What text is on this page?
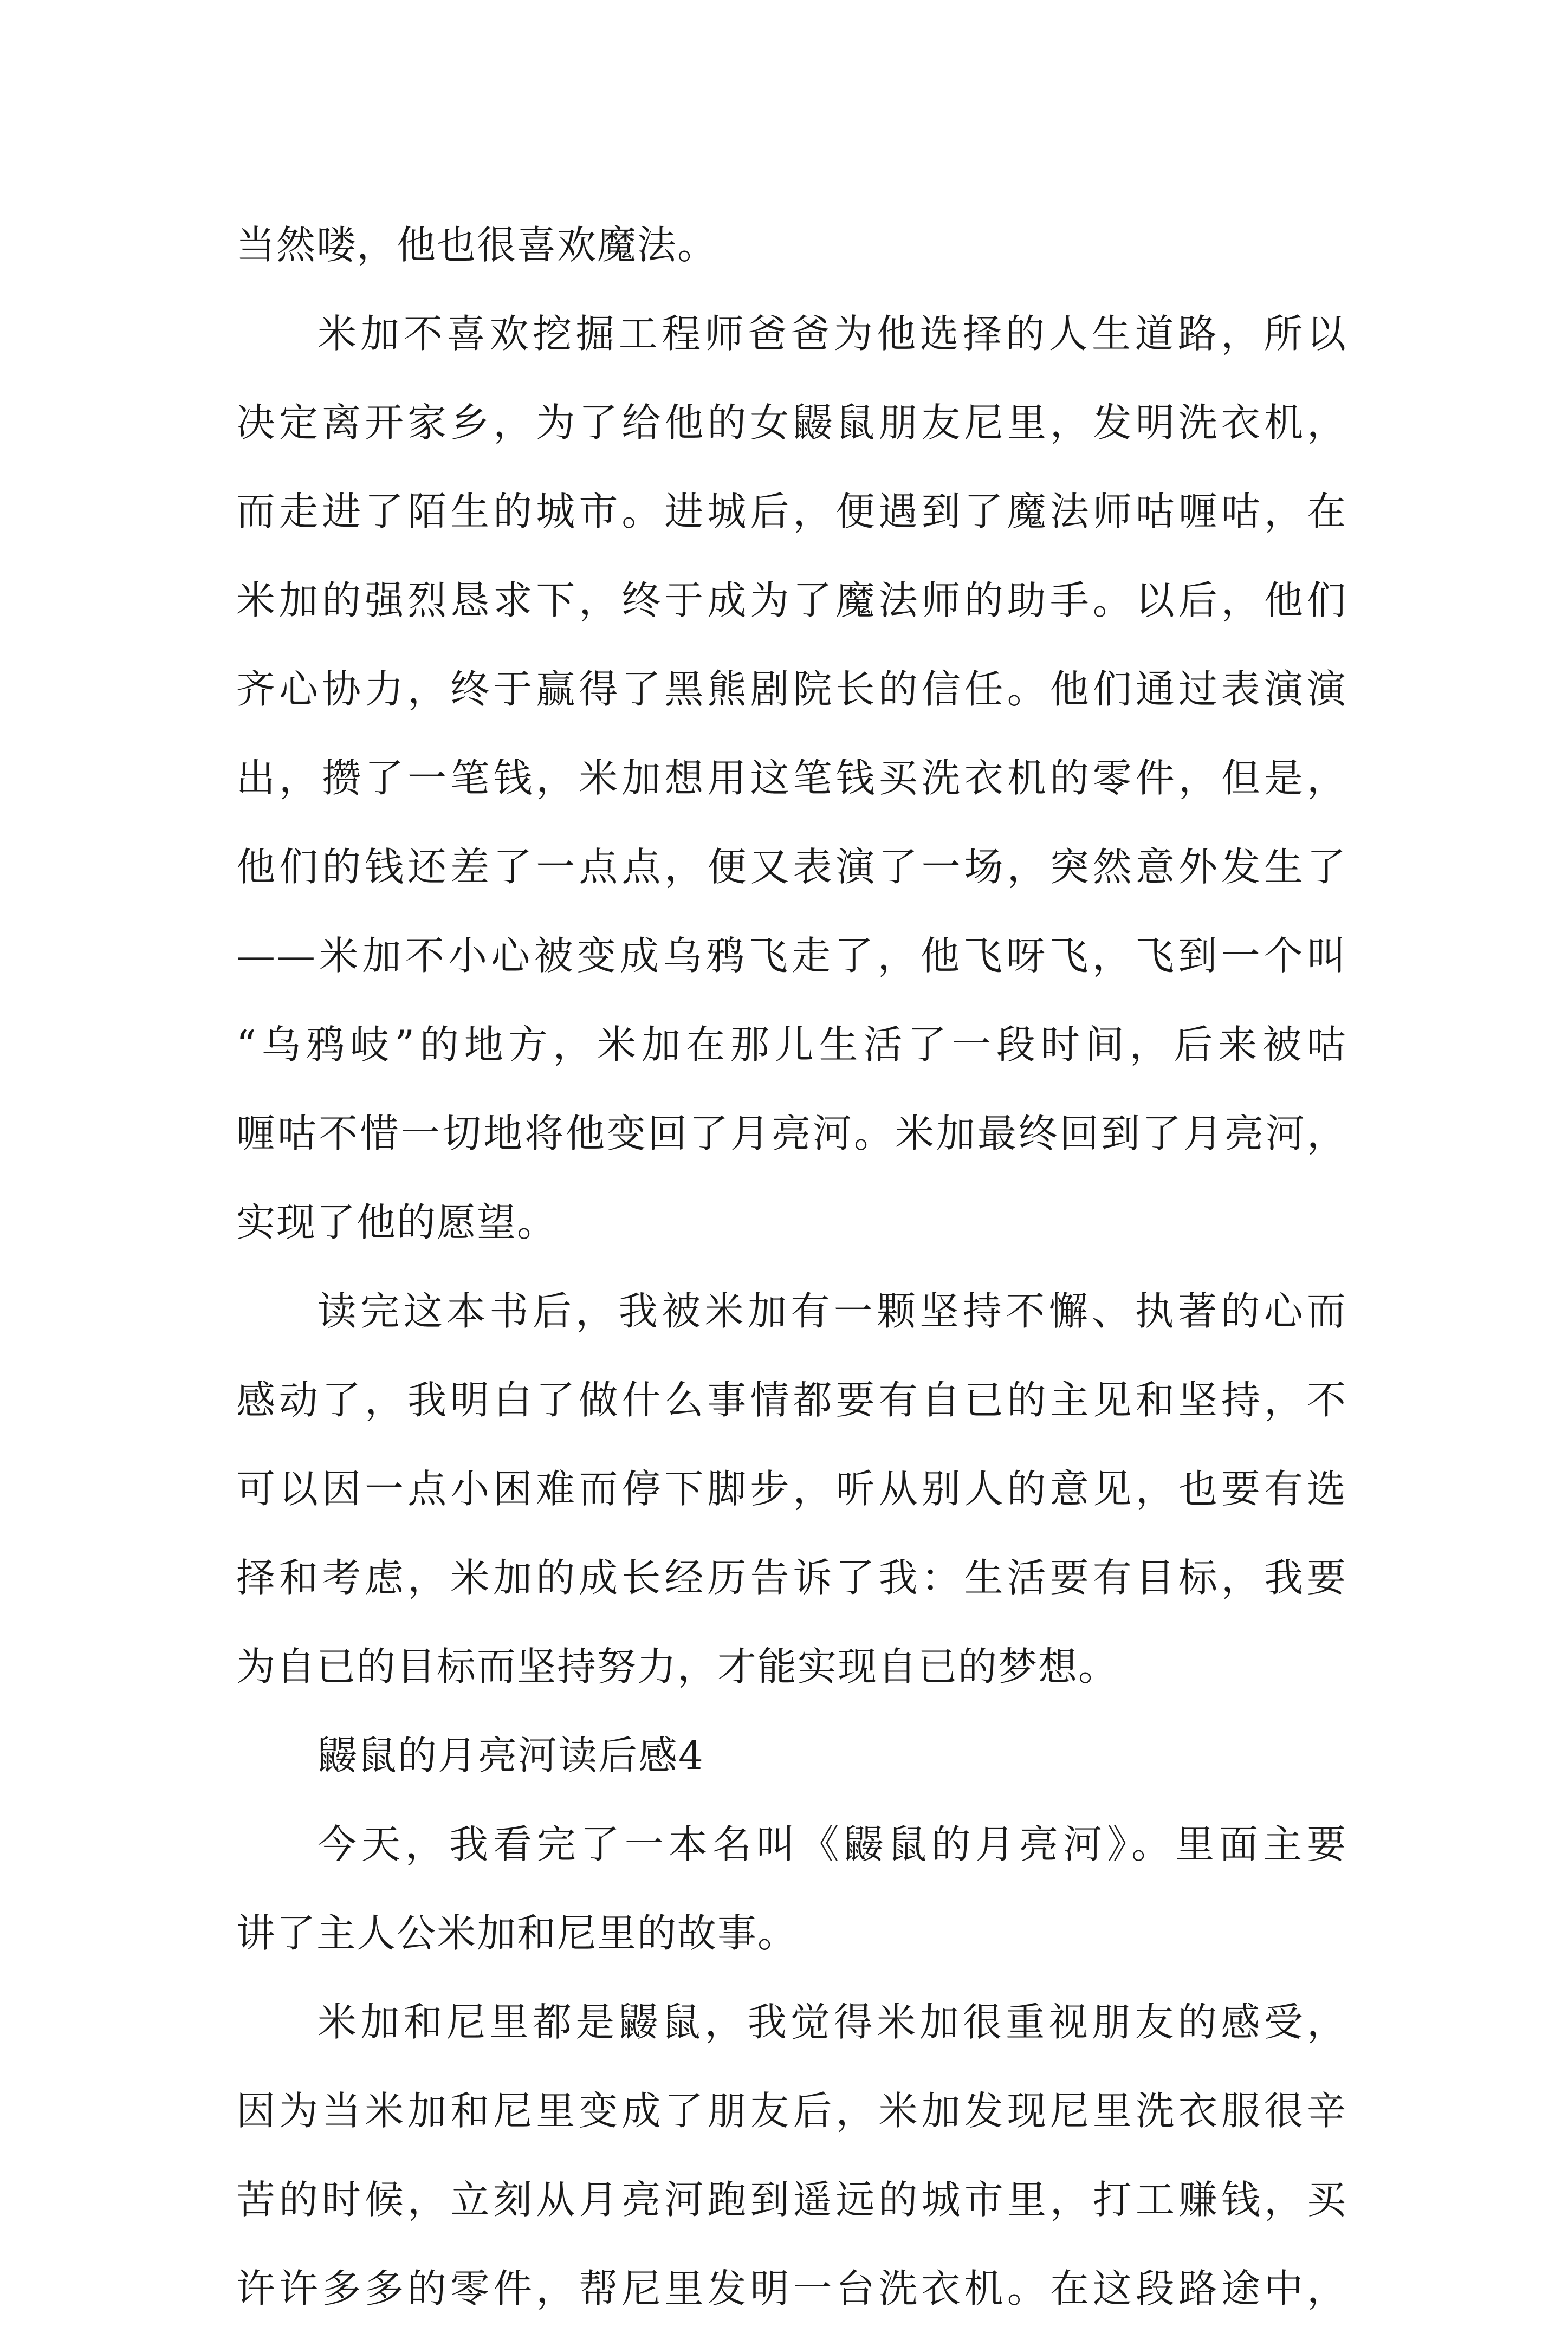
当然喽，他也很喜欢魔法。
米加不喜欢挖掘工程师爸爸为他选择的人生道路，所以
决定离开家乡，为了给他的女鼹鼠朋友尼里，发明洗衣机，
而走进了陌生的城市。进城后，便遇到了魔法师咕喱咕，在
米加的强烈恳求下，终于成为了魔法师的助手。以后，他们
齐心协力，终于赢得了黑熊剧院长的信任。他们通过表演演
出，攒了一笔钱，米加想用这笔钱买洗衣机的零件，但是，
他们的钱还差了一点点，便又表演了一场，突然意外发生了
——米加不小心被变成乌鸦飞走了，他飞呀飞，飞到一个叫
“乌鸦岐”的地方，米加在那儿生活了一段时间，后来被咕
喱咕不惜一切地将他变回了月亮河。米加最终回到了月亮河，
实现了他的愿望。
读完这本书后，我被米加有一颗坚持不懈、执著的心而
感动了，我明白了做什么事情都要有自已的主见和坚持，不
可以因一点小困难而停下脚步，听从别人的意见，也要有选
择和考虑，米加的成长经历告诉了我：生活要有目标，我要
为自已的目标而坚持努力，才能实现自已的梦想。
鼹鼠的月亮河读后感4
今天，我看完了一本名叫《鼹鼠的月亮河》。里面主要
讲了主人公米加和尼里的故事。
米加和尼里都是鼹鼠，我觉得米加很重视朋友的感受，
因为当米加和尼里变成了朋友后，米加发现尼里洗衣服很辛
苦的时候，立刻从月亮河跑到遥远的城市里，打工赚钱，买
许许多多的零件，帮尼里发明一台洗衣机。在这段路途中，
